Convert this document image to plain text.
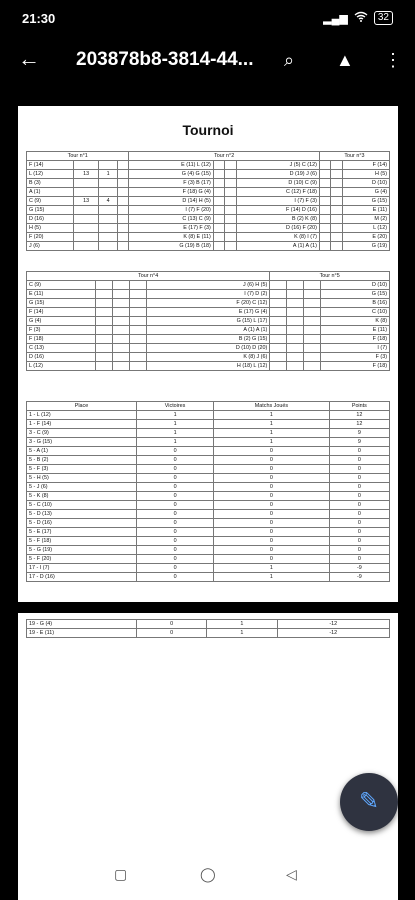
21:30	▂▄▆	32
← 203878b8-3814-44... ⌕ ▲ ⋮
Tournoi
Tour n°1				Tour n°2				Tour n°3		
F (14)				E (11) L (12)			J (5) C (12)			F (14)
L (12)	13	1		G (4) G (15)			D (19) J (6)			H (5)
B (3)				F (3) B (17)			D (10) C (9)			D (10)
A (1)				F (18) G (4)			C (12) F (18)			G (4)
C (9)	13	4		D (14) H (5)			I (7) F (3)			G (15)
G (15)				I (7) F (20)			F (14) D (16)			E (11)
D (16)				C (13) C (9)			B (2) K (8)			M (2)
H (5)				E (17) F (3)			D (16) F (20)			L (12)
F (20)				K (8) E (11)			K (8) I (7)			E (20)
J (6)				G (19) B (18)			A (1) A (1)			G (19)
Tour n°4					Tour n°5			
C (9)				J (6) H (5)				D (10)
E (11)				I (7) D (2)				G (15)
G (15)				F (20) C (12)				B (16)
F (14)				E (17) G (4)				C (10)
G (4)				G (15) L (17)				K (8)
F (3)				A (1) A (1)				E (11)
F (18)				B (2) G (15)				F (18)
C (13)				D (10) D (20)				I (7)
D (16)				K (8) J (6)				F (3)
L (12)				H (18) L (12)				F (18)
Place	Victoires	Matchs Joués	Points
1 - L (12)	1	1	12
1 - F (14)	1	1	12
3 - C (9)	1	1	9
3 - G (15)	1	1	9
5 - A (1)	0	0	0
5 - B (2)	0	0	0
5 - F (3)	0	0	0
5 - H (5)	0	0	0
5 - J (6)	0	0	0
5 - K (8)	0	0	0
5 - C (10)	0	0	0
5 - D (13)	0	0	0
5 - D (16)	0	0	0
5 - E (17)	0	0	0
5 - F (18)	0	0	0
5 - G (19)	0	0	0
5 - F (20)	0	0	0
17 - I (7)	0	1	-9
17 - D (16)	0	1	-9
19 - G (4)	0	1	-12
19 - E (11)	0	1	-12
✎
▢	◯	◁
